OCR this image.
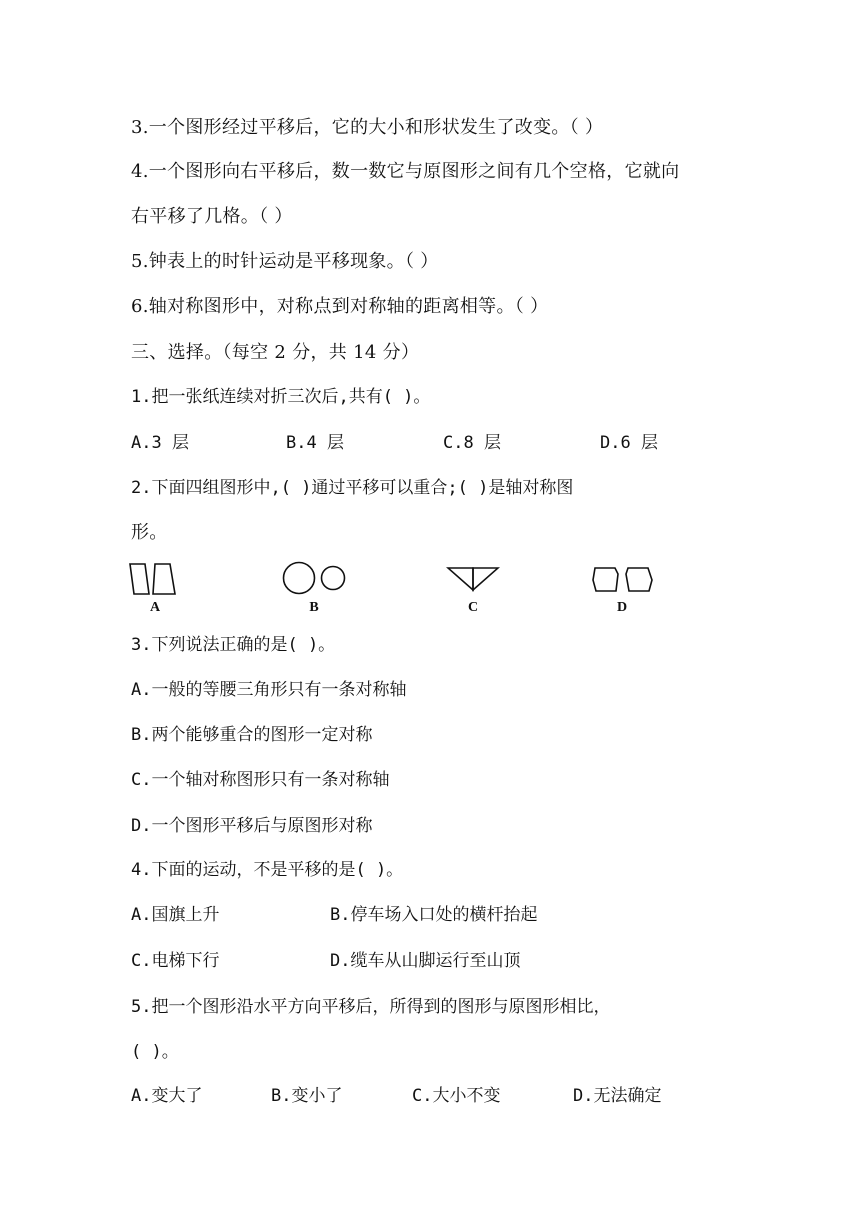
3.一个图形经过平移后，它的大小和形状发生了改变。（ ）
4.一个图形向右平移后，数一数它与原图形之间有几个空格，它就向
右平移了几格。（ ）
5.钟表上的时针运动是平移现象。（ ）
6.轴对称图形中，对称点到对称轴的距离相等。（ ）
三、选择。（每空 2 分，共 14 分）
1.把一张纸连续对折三次后,共有( )。
A.3 层	B.4 层	C.8 层	D.6 层
2.下面四组图形中,( )通过平移可以重合;( )是轴对称图
形。
A	B	C	D
3.下列说法正确的是( )。
A.一般的等腰三角形只有一条对称轴
B.两个能够重合的图形一定对称
C.一个轴对称图形只有一条对称轴
D.一个图形平移后与原图形对称
4.下面的运动，不是平移的是( )。
A.国旗上升	B.停车场入口处的横杆抬起
C.电梯下行	D.缆车从山脚运行至山顶
5.把一个图形沿水平方向平移后，所得到的图形与原图形相比，
( )。
A.变大了	B.变小了	C.大小不变	D.无法确定
